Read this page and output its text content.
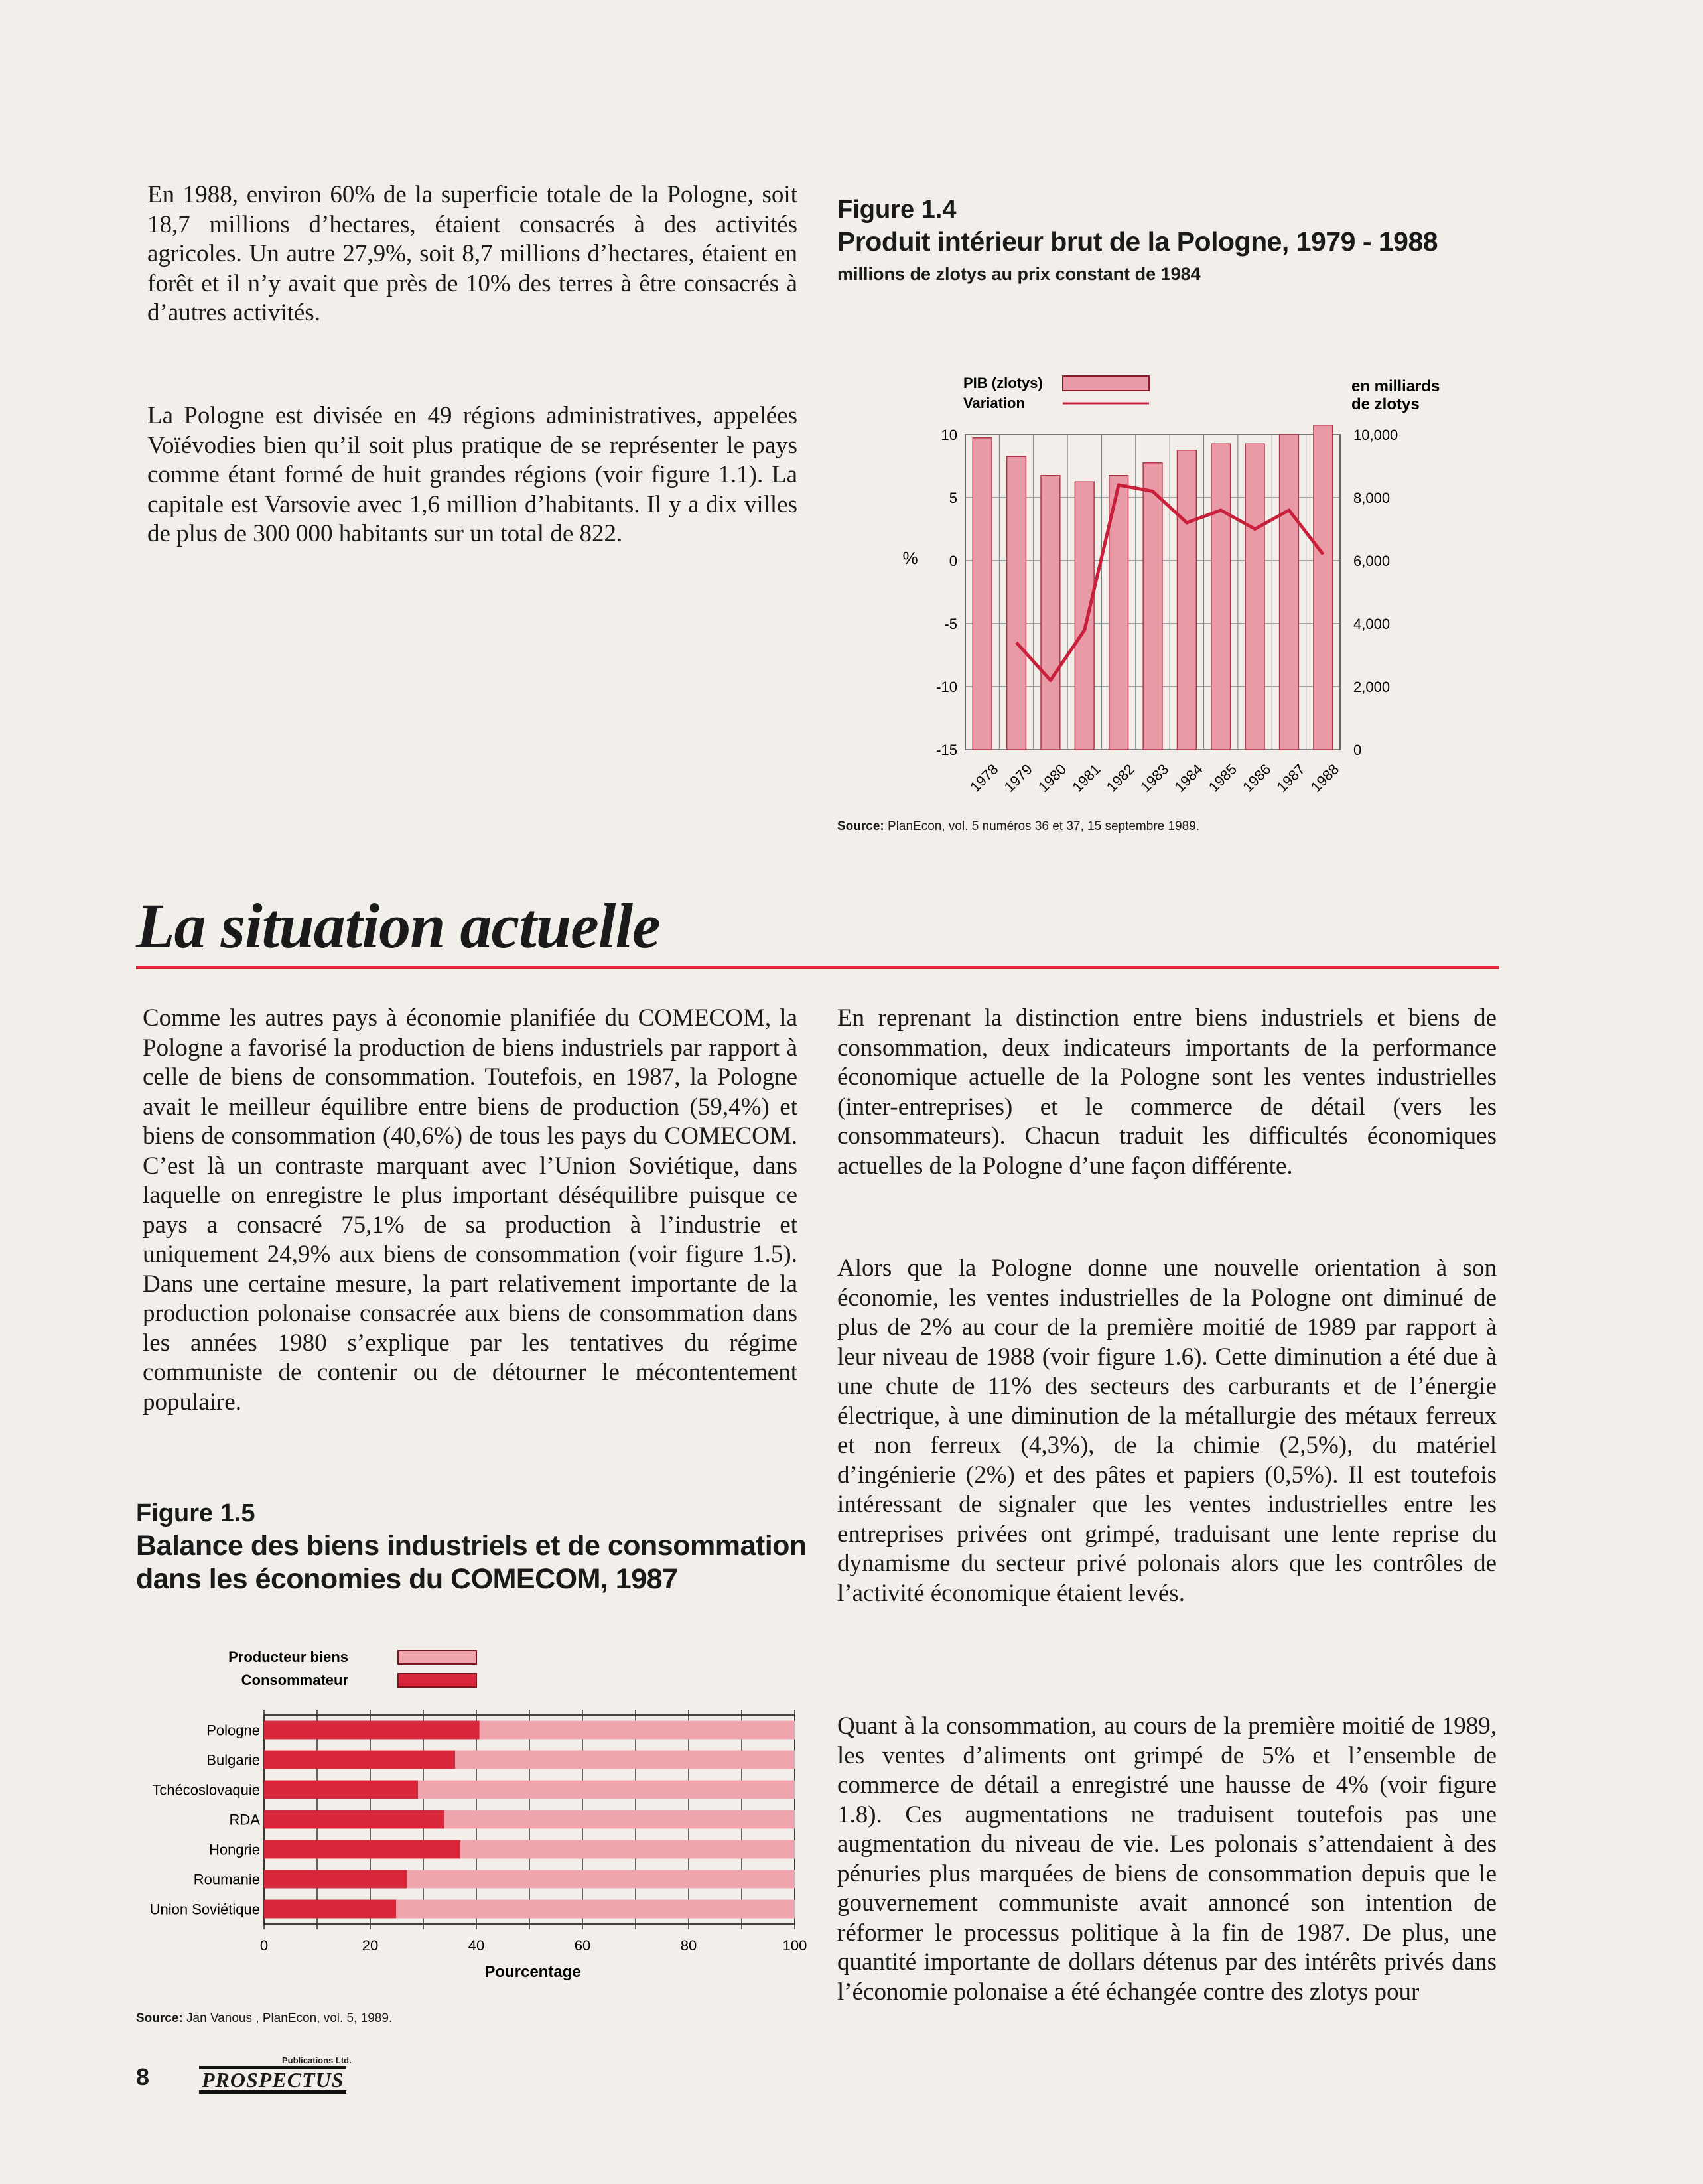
En 1988, environ 60% de la superficie totale de la Pologne, soit 18,7 millions d’hectares, étaient consacrés à des activités agricoles. Un autre 27,9%, soit 8,7 millions d’hectares, étaient en forêt et il n’y avait que près de 10% des terres à être consacrés à d’autres activités.

La Pologne est divisée en 49 régions administratives, appelées Voïévodies bien qu’il soit plus pratique de se représenter le pays comme étant formé de huit grandes régions (voir figure 1.1). La capitale est Varsovie avec 1,6 million d’habitants. Il y a dix villes de plus de 300 000 habitants sur un total de 822.

Figure 1.4
Produit intérieur brut de la Pologne, 1979 - 1988
millions de zlotys au prix constant de 1984
PIB (zlotys)
Variation
en milliards
de zlotys
%
10
5
0
-5
-10
-15
10,000
8,000
6,000
4,000
2,000
0
1978 1979 1980 1981 1982 1983 1984 1985 1986 1987 1988
Source: PlanEcon, vol. 5 numéros 36 et 37, 15 septembre 1989.
La situation actuelle

Comme les autres pays à économie planifiée du COMECOM, la Pologne a favorisé la production de biens industriels par rapport à celle de biens de consommation. Toutefois, en 1987, la Pologne avait le meilleur équilibre entre biens de production (59,4%) et biens de consommation (40,6%) de tous les pays du COMECOM. C’est là un contraste marquant avec l’Union Soviétique, dans laquelle on enregistre le plus important déséquilibre puisque ce pays a consacré 75,1% de sa production à l’industrie et uniquement 24,9% aux biens de consommation (voir figure 1.5). Dans une certaine mesure, la part relativement importante de la production polonaise consacrée aux biens de consommation dans les années 1980 s’explique par les tentatives du régime communiste de contenir ou de détourner le mécontentement populaire.

Figure 1.5
Balance des biens industriels et de consommation
dans les économies du COMECOM, 1987
Producteur biens
Consommateur
Pologne
Bulgarie
Tchécoslovaquie
RDA
Hongrie
Roumanie
Union Soviétique
0	20	40	60	80	100
Pourcentage
Source: Jan Vanous , PlanEcon, vol. 5, 1989.
8
Publications Ltd.
PROSPECTUS

En reprenant la distinction entre biens industriels et biens de consommation, deux indicateurs importants de la performance économique actuelle de la Pologne sont les ventes industrielles (inter-entreprises) et le commerce de détail (vers les consommateurs). Chacun traduit les difficultés économiques actuelles de la Pologne d’une façon différente.

Alors que la Pologne donne une nouvelle orientation à son économie, les ventes industrielles de la Pologne ont diminué de plus de 2% au cour de la première moitié de 1989 par rapport à leur niveau de 1988 (voir figure 1.6). Cette diminution a été due à une chute de 11% des secteurs des carburants et de l’énergie électrique, à une diminution de la métallurgie des métaux ferreux et non ferreux (4,3%), de la chimie (2,5%), du matériel d’ingénierie (2%) et des pâtes et papiers (0,5%). Il est toutefois intéressant de signaler que les ventes industrielles entre les entreprises privées ont grimpé, traduisant une lente reprise du dynamisme du secteur privé polonais alors que les contrôles de l’activité économique étaient levés.

Quant à la consommation, au cours de la première moitié de 1989, les ventes d’aliments ont grimpé de 5% et l’ensemble de commerce de détail a enregistré une hausse de 4% (voir figure 1.8). Ces augmentations ne traduisent toutefois pas une augmentation du niveau de vie. Les polonais s’attendaient à des pénuries plus marquées de biens de consommation depuis que le gouvernement communiste avait annoncé son intention de réformer le processus politique à la fin de 1987. De plus, une quantité importante de dollars détenus par des intérêts privés dans l’économie polonaise a été échangée contre des zlotys pour
